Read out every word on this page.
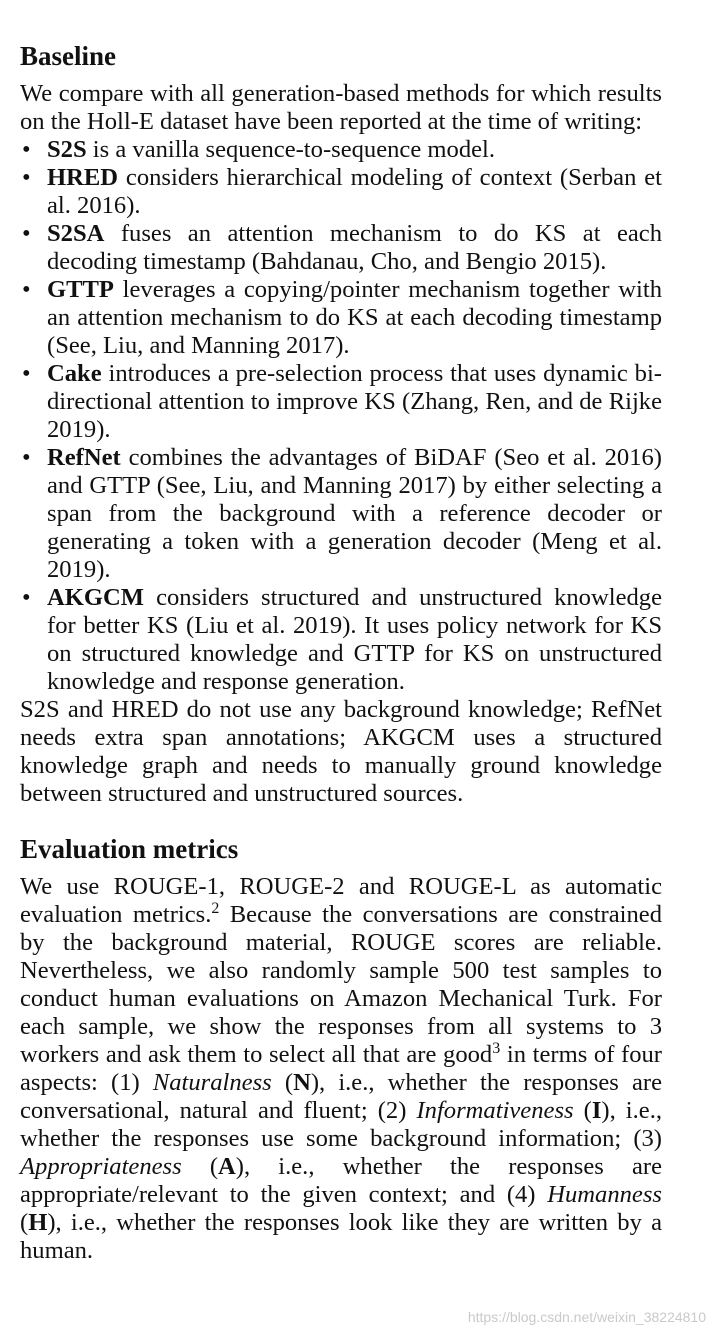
Baseline

We compare with all generation-based methods for which results on the Holl-E dataset have been reported at the time of writing:

• S2S is a vanilla sequence-to-sequence model.
• HRED considers hierarchical modeling of context (Serban et al. 2016).
• S2SA fuses an attention mechanism to do KS at each decoding timestamp (Bahdanau, Cho, and Bengio 2015).
• GTTP leverages a copying/pointer mechanism together with an attention mechanism to do KS at each decoding timestamp (See, Liu, and Manning 2017).
• Cake introduces a pre-selection process that uses dynamic bi-directional attention to improve KS (Zhang, Ren, and de Rijke 2019).
• RefNet combines the advantages of BiDAF (Seo et al. 2016) and GTTP (See, Liu, and Manning 2017) by either selecting a span from the background with a reference decoder or generating a token with a generation decoder (Meng et al. 2019).
• AKGCM considers structured and unstructured knowledge for better KS (Liu et al. 2019). It uses policy network for KS on structured knowledge and GTTP for KS on unstructured knowledge and response generation.

S2S and HRED do not use any background knowledge; RefNet needs extra span annotations; AKGCM uses a structured knowledge graph and needs to manually ground knowledge between structured and unstructured sources.

Evaluation metrics

We use ROUGE-1, ROUGE-2 and ROUGE-L as automatic evaluation metrics.$^2$ Because the conversations are constrained by the background material, ROUGE scores are reliable. Nevertheless, we also randomly sample 500 test samples to conduct human evaluations on Amazon Mechanical Turk. For each sample, we show the responses from all systems to 3 workers and ask them to select all that are good$^3$ in terms of four aspects: (1) Naturalness (N), i.e., whether the responses are conversational, natural and fluent; (2) Informativeness (I), i.e., whether the responses use some background information; (3) Appropriateness (A), i.e., whether the responses are appropriate/relevant to the given context; and (4) Humanness (H), i.e., whether the responses look like they are written by a human.

https://blog.csdn.net/weixin_38224810
